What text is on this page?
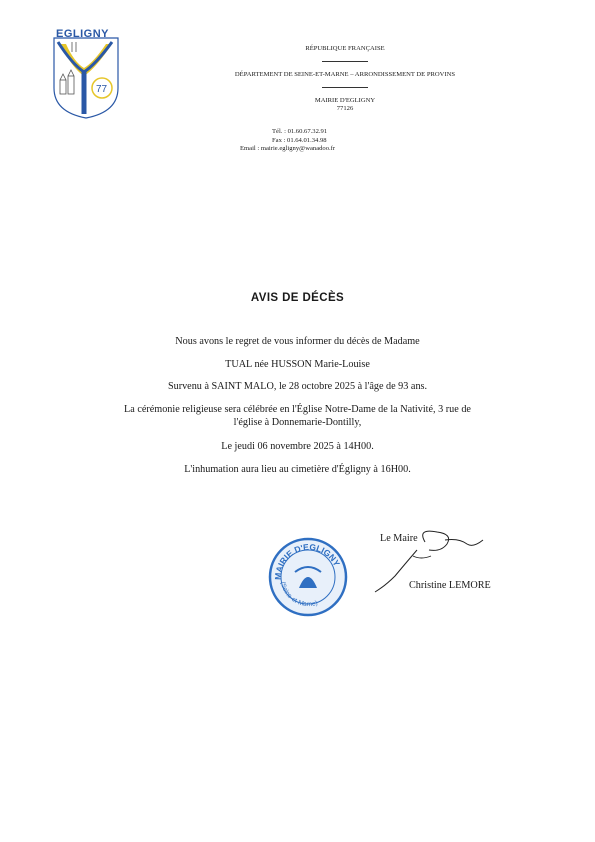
77
EGLIGNY
RÉPUBLIQUE FRANÇAISE
DÉPARTEMENT DE SEINE-ET-MARNE – ARRONDISSEMENT DE PROVINS
MAIRIE D'EGLIGNY
77126
Tél. : 01.60.67.32.91
Fax : 01.64.01.34.98
Email : mairie.egligny@wanadoo.fr
AVIS DE DÉCÈS
Nous avons le regret de vous informer du décès de Madame
TUAL née HUSSON Marie-Louise
Survenu à SAINT MALO, le 28 octobre 2025 à l'âge de 93 ans.
La cérémonie religieuse sera célébrée en l'Église Notre-Dame de la Nativité, 3 rue de
l'église à Donnemarie-Dontilly,
Le jeudi 06 novembre 2025 à 14H00.
L'inhumation aura lieu au cimetière d'Égligny à 16H00.
MAIRIE D'EGLIGNY
(Seine-et-Marne)
Le Maire
Christine LEMORE
